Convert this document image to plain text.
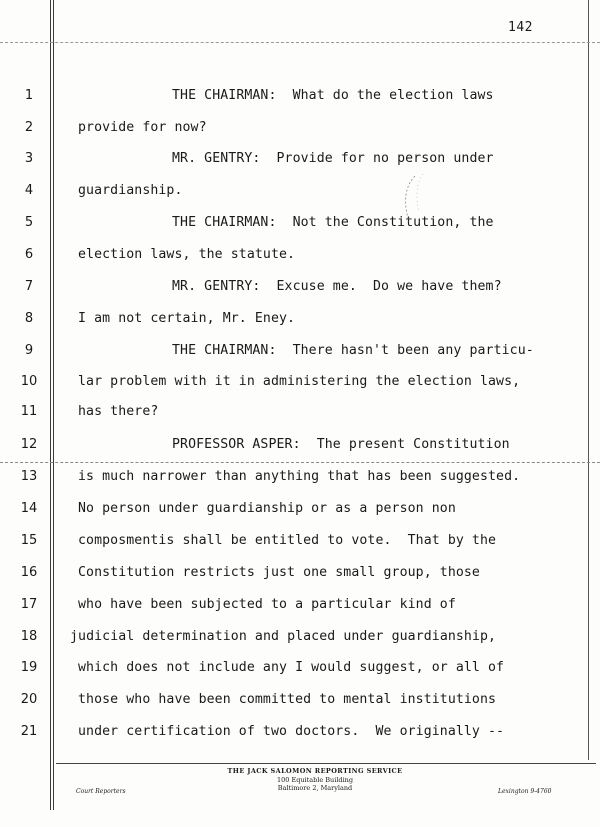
142
1	THE CHAIRMAN:  What do the election laws
2	provide for now?
3	MR. GENTRY:  Provide for no person under
4	guardianship.
5	THE CHAIRMAN:  Not the Constitution, the
6	election laws, the statute.
7	MR. GENTRY:  Excuse me.  Do we have them?
8	I am not certain, Mr. Eney.
9	THE CHAIRMAN:  There hasn't been any particu-
10	lar problem with it in administering the election laws,
11	has there?
12	PROFESSOR ASPER:  The present Constitution
13	is much narrower than anything that has been suggested.
14	No person under guardianship or as a person non
15	composmentis shall be entitled to vote.  That by the
16	Constitution restricts just one small group, those
17	who have been subjected to a particular kind of
18	judicial determination and placed under guardianship,
19	which does not include any I would suggest, or all of
20	those who have been committed to mental institutions
21	under certification of two doctors.  We originally --
THE JACK SALOMON REPORTING SERVICE
100 Equitable Building
Baltimore 2, Maryland
Court Reporters	Lexington 9-4760
